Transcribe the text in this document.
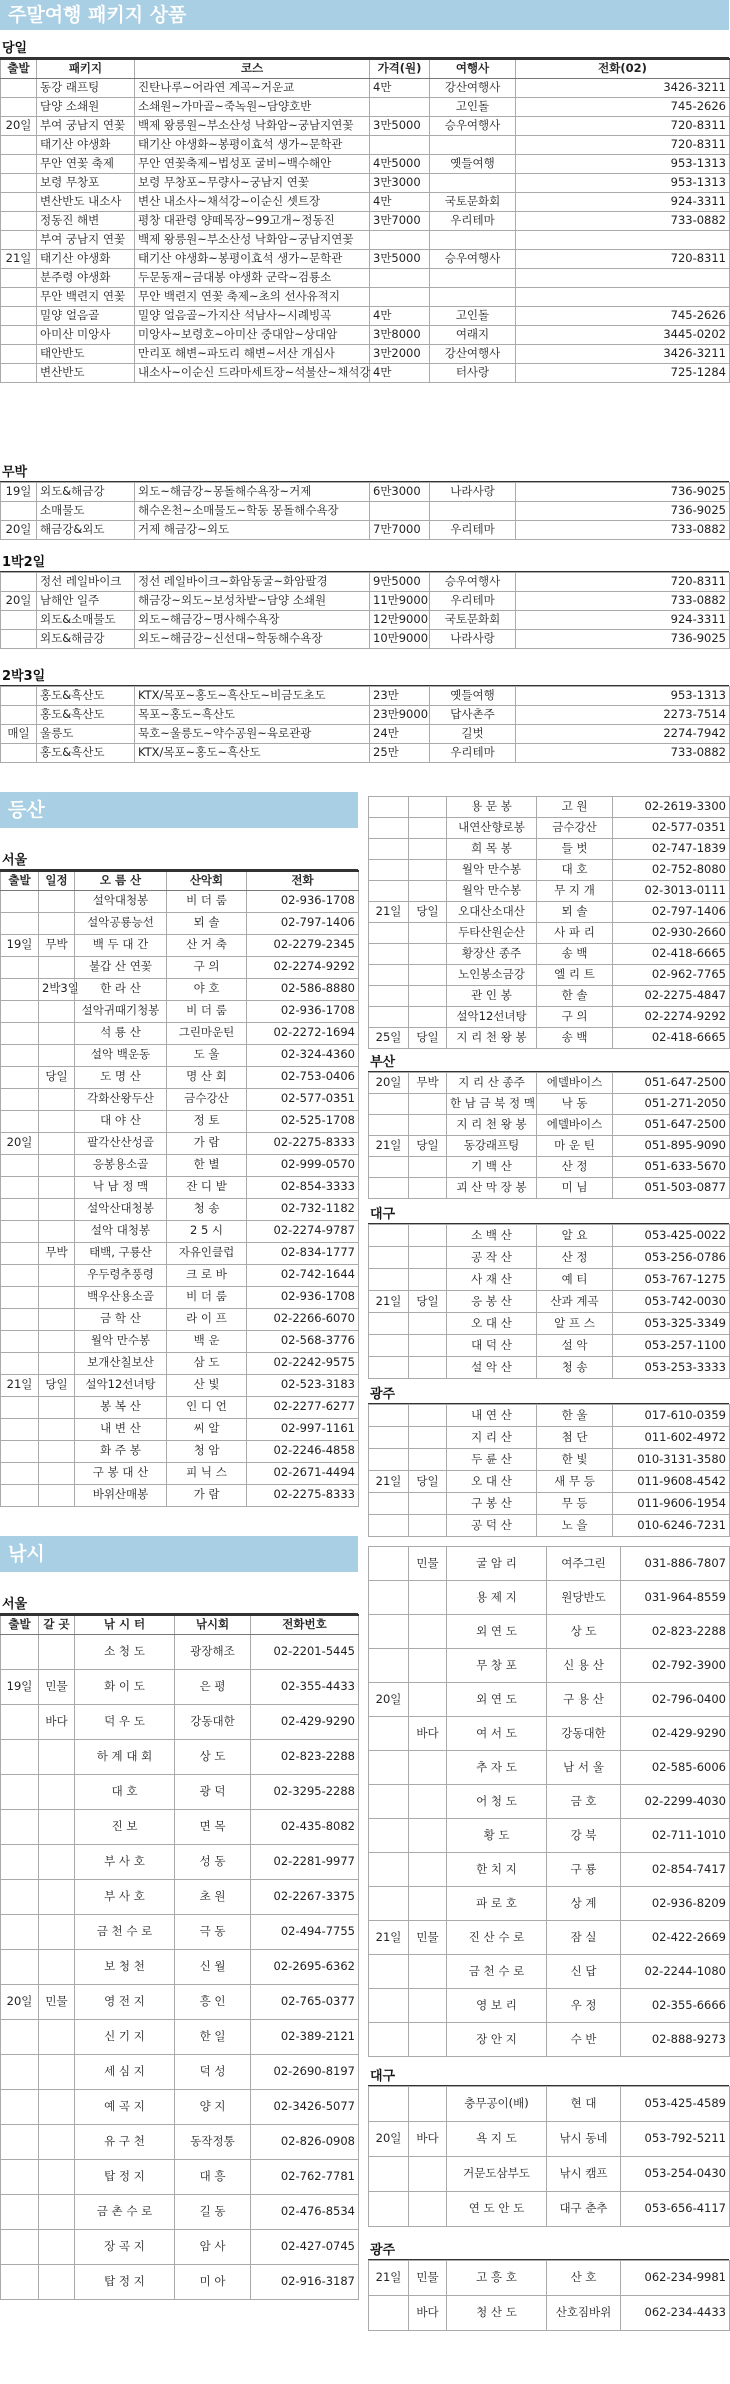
주말여행 패키지 상품
당일
출발	패키지	코스	가격(원)	여행사	전화(02)
	동강 래프팅	진탄나루~어라연 계곡~거운교	4만	강산여행사	3426-3211
	담양 소쇄원	소쇄원~가마골~죽녹원~담양호반		고인돌	745-2626
20일	부여 궁남지 연꽃	백제 왕릉원~부소산성 낙화암~궁남지연꽃	3만5000	승우여행사	720-8311
	태기산 야생화	태기산 야생화~봉평이효석 생가~문학관			720-8311
	무안 연꽃 축제	무안 연꽃축제~법성포 굴비~백수해안	4만5000	옛들여행	953-1313
	보령 무창포	보령 무창포~무량사~궁남지 연꽃	3만3000		953-1313
	변산반도 내소사	변산 내소사~채석강~이순신 셋트장	4만	국토문화회	924-3311
	정동진 해변	평창 대관령 양떼목장~99고개~정동진	3만7000	우리테마	733-0882
	부여 궁남지 연꽃	백제 왕릉원~부소산성 낙화암~궁남지연꽃			
21일	태기산 야생화	태기산 야생화~봉평이효석 생가~문학관	3만5000	승우여행사	720-8311
	분주령 야생화	두문동재~금대봉 야생화 군락~검룡소			
	무안 백련지 연꽃	무안 백련지 연꽃 축제~초의 선사유적지			
	밀양 얼음골	밀양 얼음골~가지산 석남사~시례빙곡	4만	고인돌	745-2626
	아미산 미앙사	미앙사~보령호~아미산 중대암~상대암	3만8000	여래지	3445-0202
	태안반도	만리포 해변~파도리 해변~서산 개심사	3만2000	강산여행사	3426-3211
	변산반도	내소사~이순신 드라마세트장~석불산~채석강	4만	터사랑	725-1284
무박
19일	외도&해금강	외도~해금강~몽돌해수욕장~거제	6만3000	나라사랑	736-9025
	소매물도	해수온천~소매물도~학동 몽돌해수욕장			736-9025
20일	해금강&외도	거제 해금강~외도	7만7000	우리테마	733-0882
1박2일
	정선 레일바이크	정선 레일바이크~화암동굴~화암팔경	9만5000	승우여행사	720-8311
20일	남해안 일주	해금강~외도~보성차밭~담양 소쇄원	11만9000	우리테마	733-0882
	외도&소매물도	외도~해금강~명사해수욕장	12만9000	국토문화회	924-3311
	외도&해금강	외도~해금강~신선대~학동해수욕장	10만9000	나라사랑	736-9025
2박3일
	홍도&흑산도	KTX/목포~홍도~흑산도~비금도초도	23만	옛들여행	953-1313
	홍도&흑산도	목포~홍도~흑산도	23만9000	답사촌주	2273-7514
매일	울릉도	묵호~울릉도~약수공원~육로관광	24만	길벗	2274-7942
	홍도&흑산도	KTX/목포~홍도~흑산도	25만	우리테마	733-0882
등산
서울
출발	일정	오 름 산	산악회	전화
		설악대청봉	비 더 룸	02-936-1708
		설악공룡능선	뫼 솔	02-797-1406
19일	무박	백 두 대 간	산 거 축	02-2279-2345
		불갑 산 연꽃	구 의	02-2274-9292
	2박3일	한 라 산	야 호	02-586-8880
		설악귀때기청봉	비 더 룸	02-936-1708
		석 룡 산	그린마운틴	02-2272-1694
		설악 백운동	도 울	02-324-4360
	당일	도 명 산	명 산 회	02-753-0406
		각화산왕두산	금수강산	02-577-0351
		대 야 산	정 토	02-525-1708
20일		팔각산산성골	가 람	02-2275-8333
		응봉용소골	한 별	02-999-0570
		낙 남 정 맥	잔 디 밭	02-854-3333
		설악산대청봉	청 송	02-732-1182
		설악 대청봉	2 5 시	02-2274-9787
	무박	태백, 구룡산	자유인클럽	02-834-1777
		우두령추풍령	크 로 바	02-742-1644
		백우산용소골	비 더 룸	02-936-1708
		금 학 산	라 이 프	02-2266-6070
		월악 만수봉	백 운	02-568-3776
		보개산칠보산	삼 도	02-2242-9575
21일	당일	설악12선녀탕	산 빛	02-523-3183
		봉 복 산	인 디 언	02-2277-6277
		내 변 산	씨 알	02-997-1161
		화 주 봉	청 암	02-2246-4858
		구 봉 대 산	피 닉 스	02-2671-4494
		바위산매봉	가 람	02-2275-8333
		용 문 봉	고 원	02-2619-3300
		내연산향로봉	금수강산	02-577-0351
		희 목 봉	들 벗	02-747-1839
		월악 만수봉	대 호	02-752-8080
		월악 만수봉	무 지 개	02-3013-0111
21일	당일	오대산소대산	뫼 솔	02-797-1406
		두타산원순산	사 파 리	02-930-2660
		황장산 종주	송 백	02-418-6665
		노인봉소금강	엘 리 트	02-962-7765
		관 인 봉	한 솔	02-2275-4847
		설악12선녀탕	구 의	02-2274-9292
25일	당일	지 리 천 왕 봉	송 백	02-418-6665
부산
20일	무박	지 리 산 종주	에델바이스	051-647-2500
		한 남 금 북 정 맥	낙 동	051-271-2050
		지 리 천 왕 봉	에델바이스	051-647-2500
21일	당일	동강래프팅	마 운 틴	051-895-9090
		기 백 산	산 정	051-633-5670
		괴 산 막 장 봉	미 님	051-503-0877
대구
		소 백 산	알 요	053-425-0022
		공 작 산	산 정	053-256-0786
		사 재 산	예 티	053-767-1275
21일	당일	응 봉 산	산과 계곡	053-742-0030
		오 대 산	알 프 스	053-325-3349
		대 덕 산	설 악	053-257-1100
		설 악 산	청 송	053-253-3333
광주
		내 연 산	한 울	017-610-0359
		지 리 산	첨 단	011-602-4972
		두 륜 산	한 빛	010-3131-3580
21일	당일	오 대 산	새 무 등	011-9608-4542
		구 봉 산	무 등	011-9606-1954
		공 덕 산	노 을	010-6246-7231
낚시
서울
출발	갈 곳	낚 시 터	낚시회	전화번호
		소 청 도	광장해조	02-2201-5445
19일	민물	화 이 도	은 평	02-355-4433
	바다	덕 우 도	강동대한	02-429-9290
		하 계 대 회	상 도	02-823-2288
		대 호	광 덕	02-3295-2288
		진 보	면 목	02-435-8082
		부 사 호	성 동	02-2281-9977
		부 사 호	초 원	02-2267-3375
		금 천 수 로	극 동	02-494-7755
		보 청 천	신 월	02-2695-6362
20일	민물	영 전 지	흥 인	02-765-0377
		신 기 지	한 일	02-389-2121
		세 심 지	덕 성	02-2690-8197
		예 곡 지	양 지	02-3426-5077
		유 구 천	동작정통	02-826-0908
		탑 정 지	대 흥	02-762-7781
		금 촌 수 로	길 동	02-476-8534
		장 곡 지	암 사	02-427-0745
		탑 정 지	미 아	02-916-3187
	민물	굴 암 리	여주그린	031-886-7807
		용 제 지	원당반도	031-964-8559
		외 연 도	상 도	02-823-2288
		무 창 포	신 용 산	02-792-3900
20일		외 연 도	구 용 산	02-796-0400
	바다	여 서 도	강동대한	02-429-9290
		추 자 도	남 서 울	02-585-6006
		어 청 도	금 호	02-2299-4030
		황 도	강 북	02-711-1010
		한 치 지	구 룡	02-854-7417
		파 로 호	상 계	02-936-8209
21일	민물	진 산 수 로	잠 실	02-422-2669
		금 천 수 로	신 답	02-2244-1080
		영 보 리	우 정	02-355-6666
		장 안 지	수 반	02-888-9273
대구
		충무공이(배)	현 대	053-425-4589
20일	바다	욕 지 도	낚시 동네	053-792-5211
		거문도삼부도	낚시 캠프	053-254-0430
		연 도 안 도	대구 춘추	053-656-4117
광주
21일	민물	고 흥 호	산 호	062-234-9981
	바다	청 산 도	산호짐바위	062-234-4433
